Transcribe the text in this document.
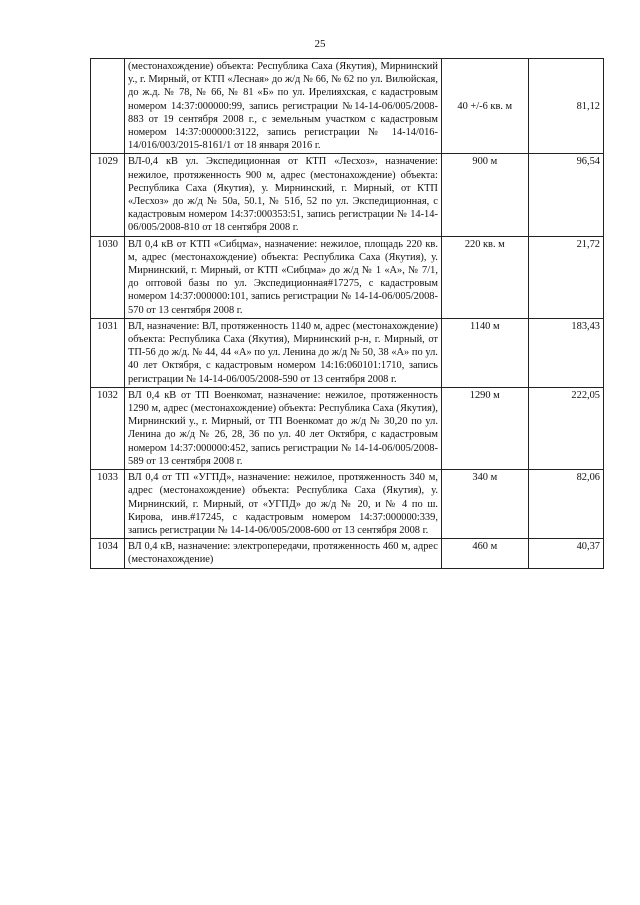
25
	(местонахождение) объекта: Республика Саха (Якутия), Мирнинский у., г. Мирный, от КТП «Лесная» до ж/д № 66, № 62 по ул. Вилюйская, до ж.д. № 78, № 66, № 81 «Б» по ул. Ирелияхская, с кадастровым номером 14:37:000000:99, запись регистрации №14-14-06/005/2008-883 от 19 сентября 2008 г., с земельным участком с кадастровым номером 14:37:000000:3122, запись регистрации № 14-14/016-14/016/003/2015-8161/1 от 18 января 2016 г.	40 +/-6 кв. м	81,12
1029	ВЛ-0,4 кВ ул. Экспедиционная от КТП «Лесхоз», назначение: нежилое, протяженность 900 м, адрес (местонахождение) объекта: Республика Саха (Якутия), у. Мирнинский, г. Мирный, от КТП «Лесхоз» до ж/д № 50а, 50.1, № 51б, 52 по ул. Экспедиционная, с кадастровым номером 14:37:000353:51, запись регистрации № 14-14-06/005/2008-810 от 18 сентября 2008 г.	900 м	96,54
1030	ВЛ 0,4 кВ от КТП «Сибцма», назначение: нежилое, площадь 220 кв. м, адрес (местонахождение) объекта: Республика Саха (Якутия), у. Мирнинский, г. Мирный, от КТП «Сибцма» до ж/д № 1 «А», № 7/1, до оптовой базы по ул. Экспедиционная#17275, с кадастровым номером 14:37:000000:101, запись регистрации № 14-14-06/005/2008-570 от 13 сентября 2008 г.	220 кв. м	21,72
1031	ВЛ, назначение: ВЛ, протяженность 1140 м, адрес (местонахождение) объекта: Республика Саха (Якутия), Мирнинский р-н, г. Мирный, от ТП-56 до ж/д. № 44, 44 «А» по ул. Ленина до ж/д № 50, 38 «А» по ул. 40 лет Октября, с кадастровым номером 14:16:060101:1710, запись регистрации № 14-14-06/005/2008-590 от 13 сентября 2008 г.	1140 м	183,43
1032	ВЛ 0,4 кВ от ТП Военкомат, назначение: нежилое, протяженность 1290 м, адрес (местонахождение) объекта: Республика Саха (Якутия), Мирнинский у., г. Мирный, от ТП Военкомат до ж/д № 30,20 по ул. Ленина до ж/д № 26, 28, 36 по ул. 40 лет Октября, с кадастровым номером 14:37:000000:452, запись регистрации № 14-14-06/005/2008-589 от 13 сентября 2008 г.	1290 м	222,05
1033	ВЛ 0,4 от ТП «УГПД», назначение: нежилое, протяженность 340 м, адрес (местонахождение) объекта: Республика Саха (Якутия), у. Мирнинский, г. Мирный, от «УГПД» до ж/д № 20, и № 4 по ш. Кирова, инв.#17245, с кадастровым номером 14:37:000000:339, запись регистрации № 14-14-06/005/2008-600 от 13 сентября 2008 г.	340 м	82,06
1034	ВЛ 0,4 кВ, назначение: электропередачи, протяженность 460 м, адрес (местонахождение)	460 м	40,37
